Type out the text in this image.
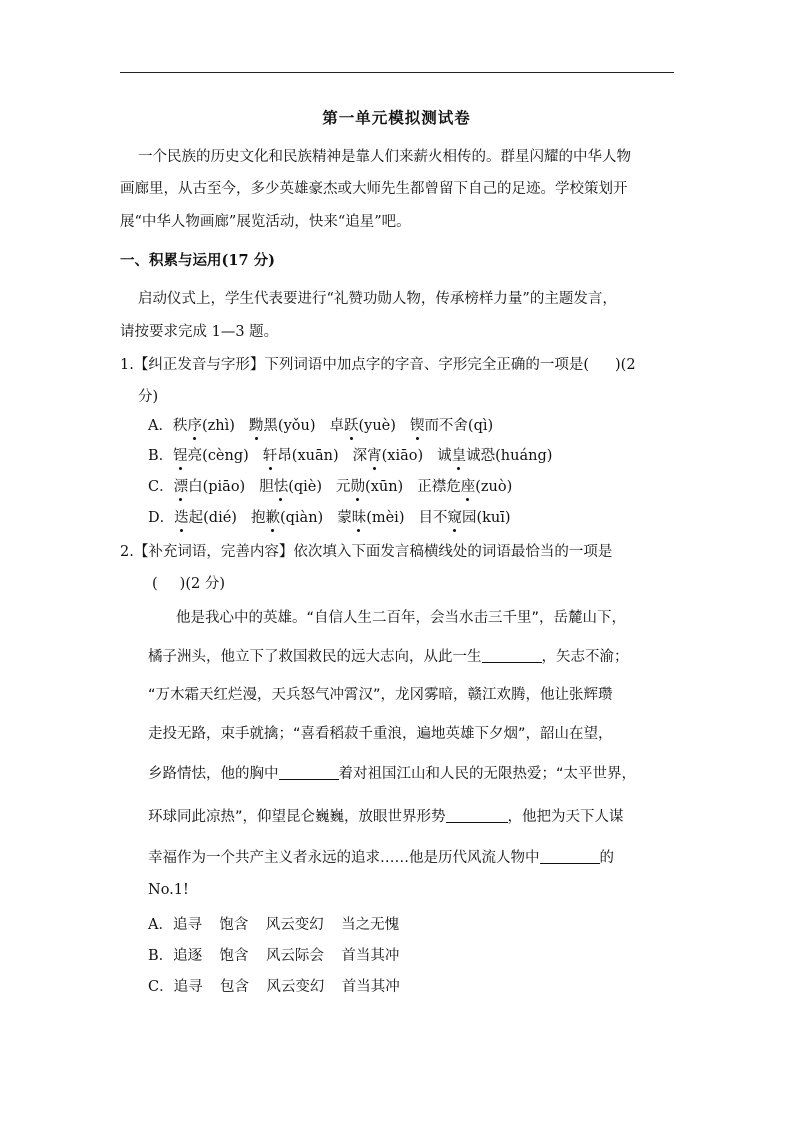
第一单元模拟测试卷
一个民族的历史文化和民族精神是靠人们来薪火相传的。群星闪耀的中华人物
画廊里，从古至今，多少英雄豪杰或大师先生都曾留下自己的足迹。学校策划开
展“中华人物画廊”展览活动，快来“追星”吧。
一、积累与运用(17 分)
启动仪式上，学生代表要进行“礼赞功勋人物，传承榜样力量”的主题发言，
请按要求完成 1—3 题。
1.【纠正发音与字形】下列词语中加点字的字音、字形完全正确的一项是( )(2
分)
A．秩序(zhì) 黝黑(yǒu) 卓跃(yuè) 锲而不舍(qì)
B．锃亮(cèng) 轩昂(xuān) 深宵(xiāo) 诚皇诚恐(huáng)
C．漂白(piāo) 胆怯(qiè) 元勋(xūn) 正襟危座(zuò)
D．迭起(dié) 抱歉(qiàn) 蒙昧(mèi) 目不窥园(kuī)
2.【补充词语，完善内容】依次填入下面发言稿横线处的词语最恰当的一项是
( )(2 分)
他是我心中的英雄。“自信人生二百年，会当水击三千里”，岳麓山下，
橘子洲头，他立下了救国救民的远大志向，从此一生	，矢志不渝；
“万木霜天红烂漫，天兵怒气冲霄汉”，龙冈雾暗，赣江欢腾，他让张辉瓒
走投无路，束手就擒；“喜看稻菽千重浪，遍地英雄下夕烟”，韶山在望，
乡路情怯，他的胸中	着对祖国江山和人民的无限热爱；“太平世界，
环球同此凉热”，仰望昆仑巍巍，放眼世界形势	，他把为天下人谋
幸福作为一个共产主义者永远的追求……他是历代风流人物中	的
No.1!
A．追寻 饱含 风云变幻 当之无愧
B．追逐 饱含 风云际会 首当其冲
C．追寻 包含 风云变幻 首当其冲
